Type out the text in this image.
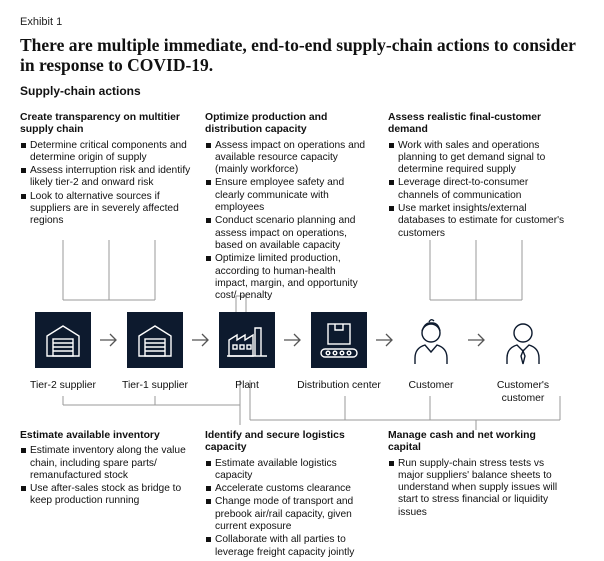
Exhibit 1
There are multiple immediate, end-to-end supply-chain actions to consider in response to COVID-19.
Supply-chain actions
Create transparency on multitier supply chain
Determine critical components and determine origin of supply
Assess interruption risk and identify likely tier-2 and onward risk
Look to alternative sources if suppliers are in severely affected regions
Optimize production and distribution capacity
Assess impact on operations and available resource capacity (mainly workforce)
Ensure employee safety and clearly communicate with employees
Conduct scenario planning and assess impact on operations, based on available capacity
Optimize limited production, according to human-health impact, margin, and opportunity cost/ penalty
Assess realistic final-customer demand
Work with sales and operations planning to get demand signal to determine required supply
Leverage direct-to-consumer channels of communication
Use market insights/external databases to estimate for customer's customers
Tier-2 supplier	Tier-1 supplier	Plant	Distribution center	Customer	Customer's customer
Estimate available inventory
Estimate inventory along the value chain, including spare parts/ remanufactured stock
Use after-sales stock as bridge to keep production running
Identify and secure logistics capacity
Estimate available logistics capacity
Accelerate customs clearance
Change mode of transport and prebook air/rail capacity, given current exposure
Collaborate with all parties to leverage freight capacity jointly
Manage cash and net working capital
Run supply-chain stress tests vs major suppliers' balance sheets to understand when supply issues will start to stress financial or liquidity issues
